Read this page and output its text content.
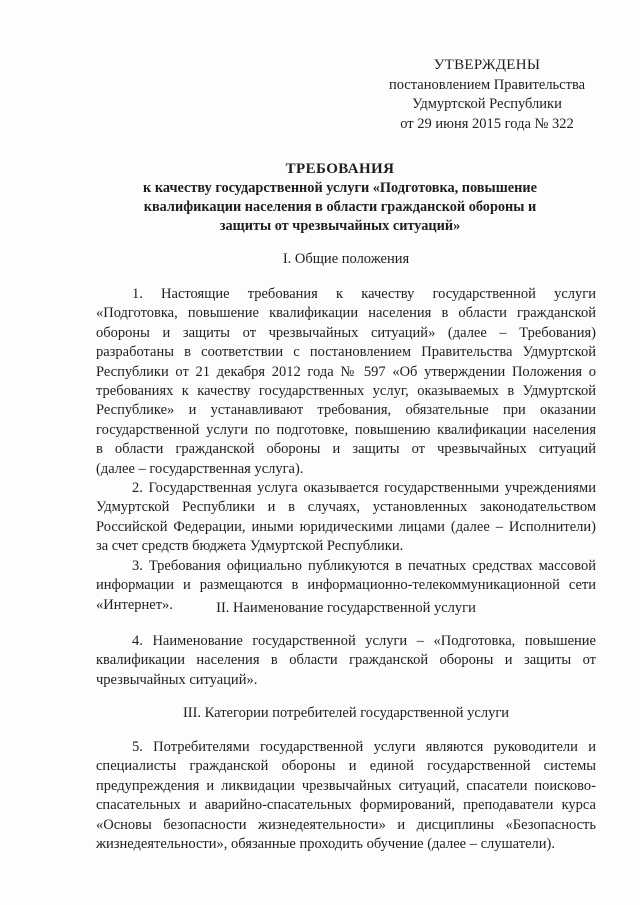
УТВЕРЖДЕНЫ
постановлением Правительства
Удмуртской Республики
от 29 июня 2015 года № 322
ТРЕБОВАНИЯ
к качеству государственной услуги «Подготовка, повышение
квалификации населения в области гражданской обороны и
защиты от чрезвычайных ситуаций»
I. Общие положения
1. Настоящие требования к качеству государственной услуги
«Подготовка, повышение квалификации населения в области гражданской
обороны и защиты от чрезвычайных ситуаций» (далее – Требования)
разработаны в соответствии с постановлением Правительства Удмуртской
Республики от 21 декабря 2012 года № 597 «Об утверждении Положения о
требованиях к качеству государственных услуг, оказываемых в Удмуртской
Республике» и устанавливают требования, обязательные при оказании
государственной услуги по подготовке, повышению квалификации населения
в области гражданской обороны и защиты от чрезвычайных ситуаций
(далее – государственная услуга).
2. Государственная услуга оказывается государственными учреждениями
Удмуртской Республики и в случаях, установленных законодательством
Российской Федерации, иными юридическими лицами (далее – Исполнители)
за счет средств бюджета Удмуртской Республики.
3. Требования официально публикуются в печатных средствах массовой
информации и размещаются в информационно-телекоммуникационной сети
«Интернет».	II. Наименование государственной услуги
4. Наименование государственной услуги – «Подготовка, повышение
квалификации населения в области гражданской обороны и защиты от
чрезвычайных ситуаций».
III. Категории потребителей государственной услуги
5. Потребителями государственной услуги являются руководители и
специалисты гражданской обороны и единой государственной системы
предупреждения и ликвидации чрезвычайных ситуаций, спасатели поисково-
спасательных и аварийно-спасательных формирований, преподаватели курса
«Основы безопасности жизнедеятельности» и дисциплины «Безопасность
жизнедеятельности», обязанные проходить обучение (далее – слушатели).
